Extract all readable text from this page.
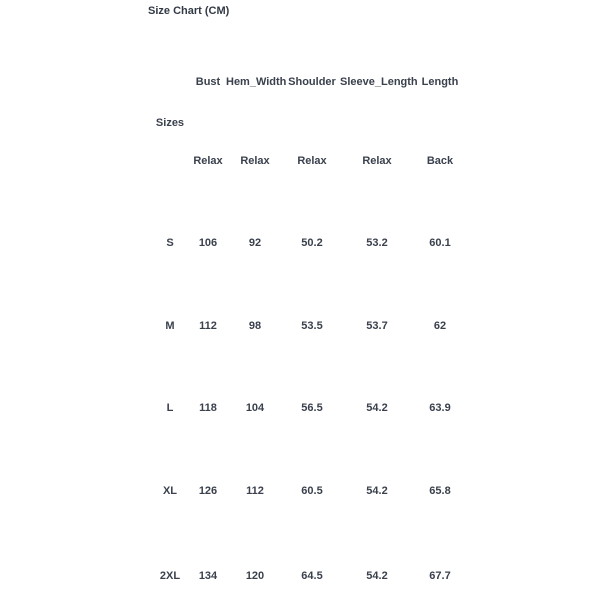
Size Chart (CM)
Bust Hem_Width Shoulder Sleeve_Length Length
Sizes
Relax	Relax	Relax	Relax	Back
S	106	92	50.2	53.2	60.1
M	112	98	53.5	53.7	62
L	118	104	56.5	54.2	63.9
XL	126	112	60.5	54.2	65.8
2XL	134	120	64.5	54.2	67.7
